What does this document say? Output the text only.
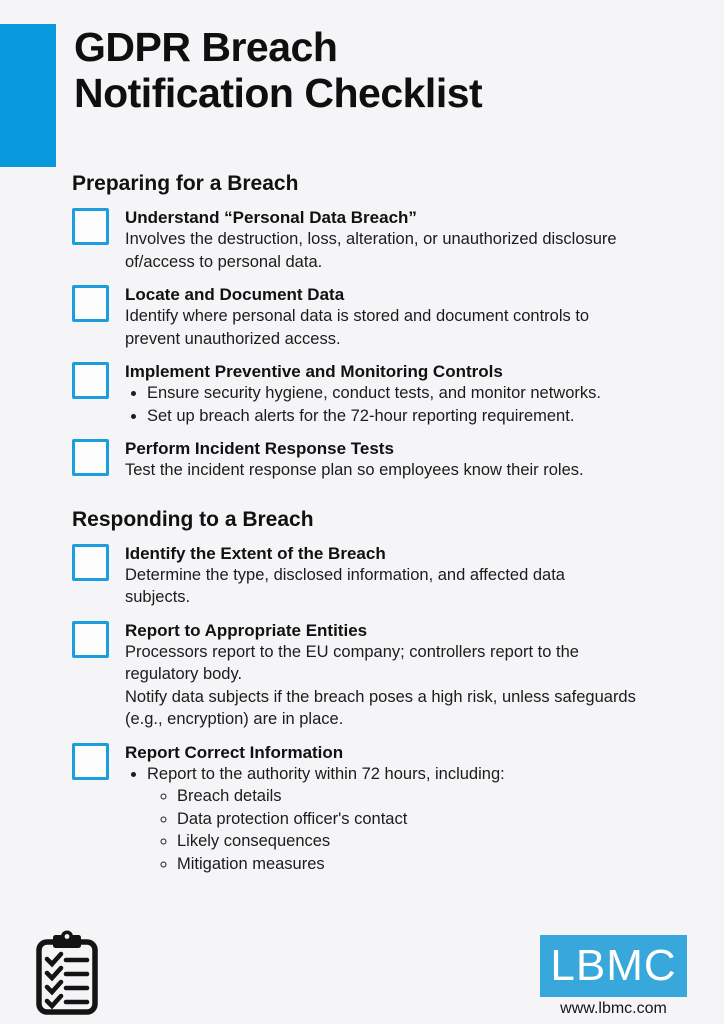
GDPR Breach
Notification Checklist
Preparing for a Breach
Understand “Personal Data Breach”
Involves the destruction, loss, alteration, or unauthorized disclosure
of/access to personal data.
Locate and Document Data
Identify where personal data is stored and document controls to
prevent unauthorized access.
Implement Preventive and Monitoring Controls
• Ensure security hygiene, conduct tests, and monitor networks.
• Set up breach alerts for the 72-hour reporting requirement.
Perform Incident Response Tests
Test the incident response plan so employees know their roles.
Responding to a Breach
Identify the Extent of the Breach
Determine the type, disclosed information, and affected data
subjects.
Report to Appropriate Entities
Processors report to the EU company; controllers report to the
regulatory body.
Notify data subjects if the breach poses a high risk, unless safeguards
(e.g., encryption) are in place.
Report Correct Information
• Report to the authority within 72 hours, including:
◦ Breach details
◦ Data protection officer's contact
◦ Likely consequences
◦ Mitigation measures
LBMC
www.lbmc.com
